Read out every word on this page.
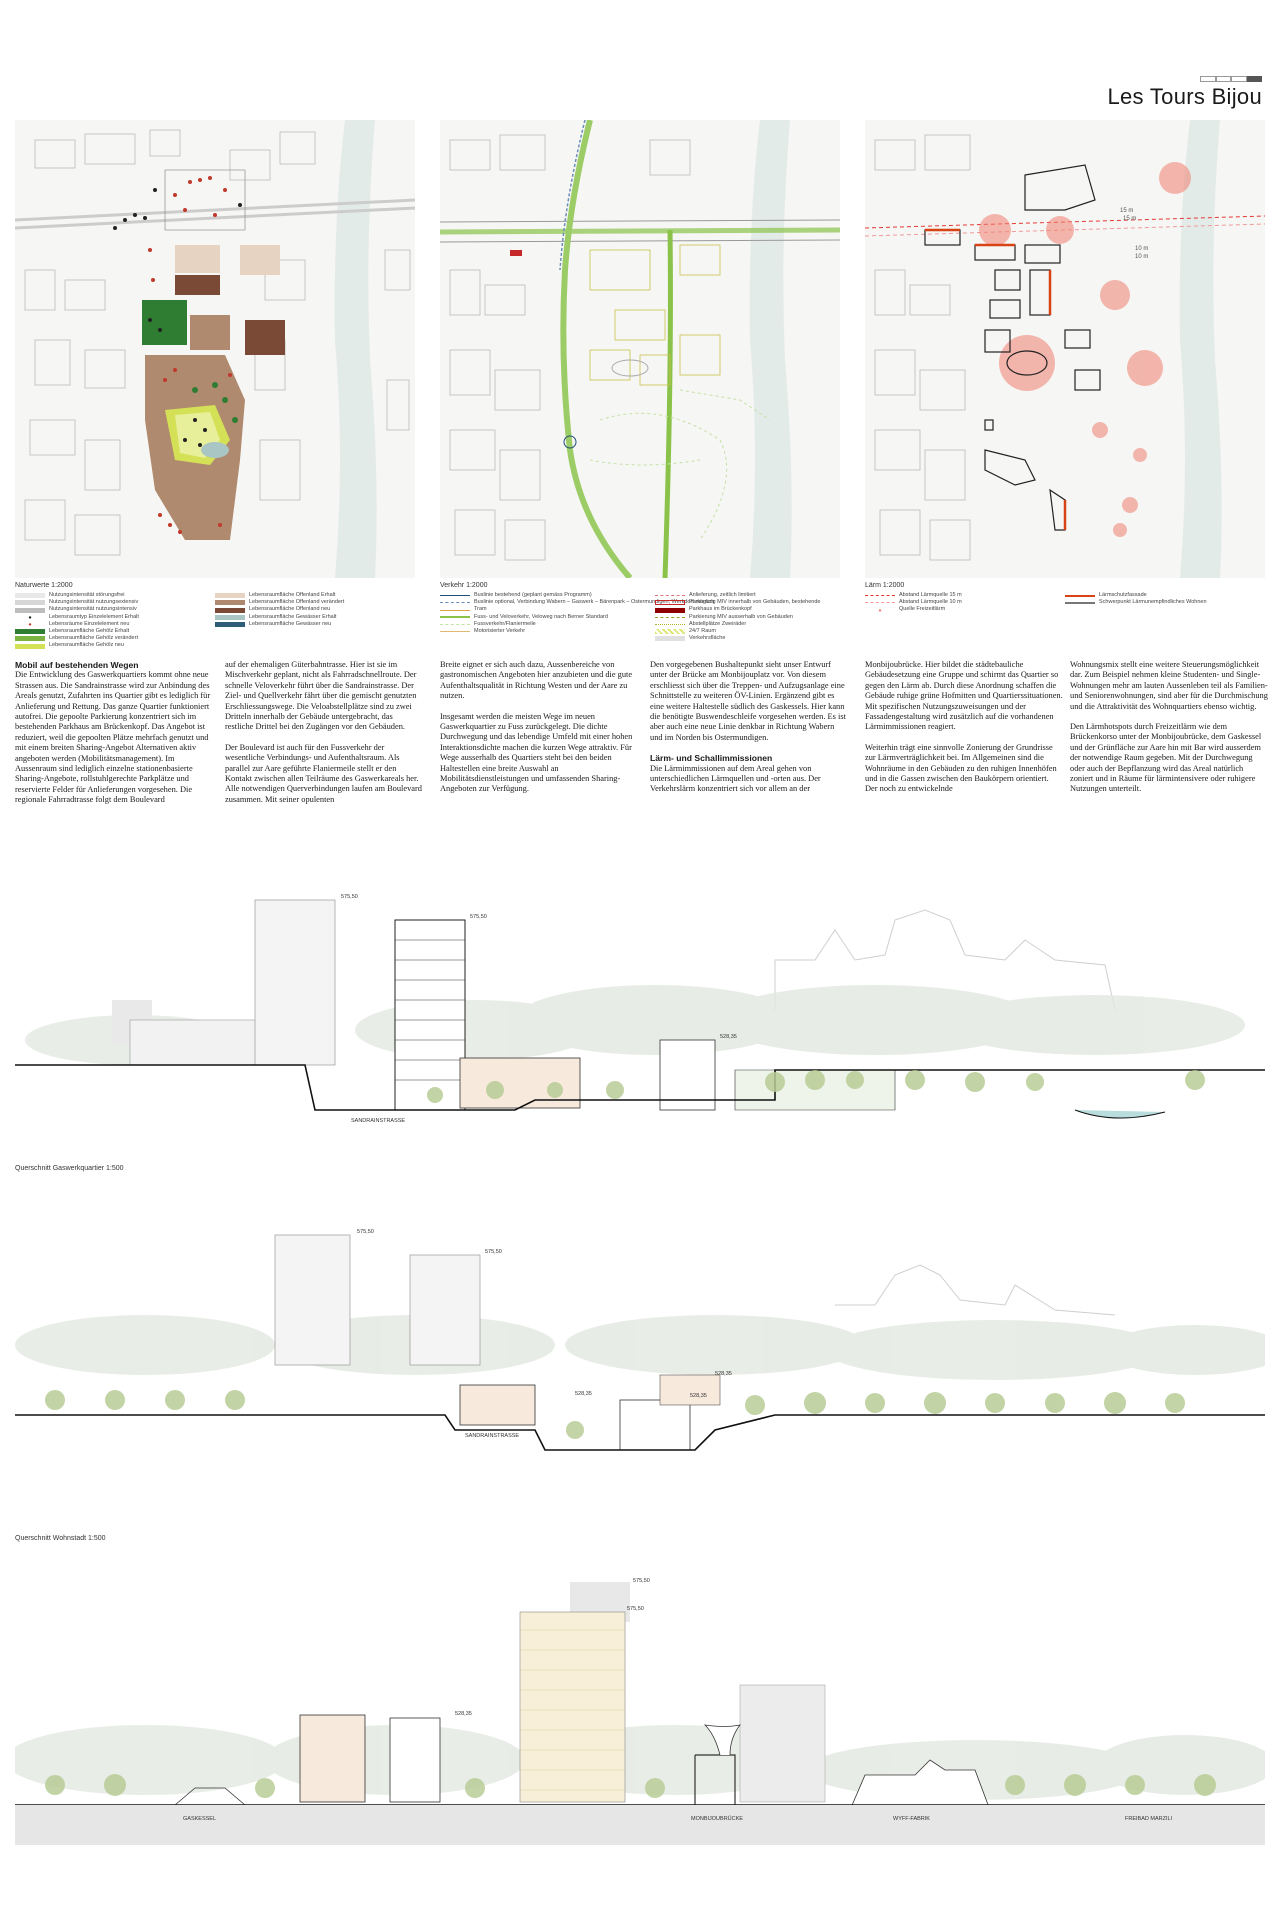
Les Tours Bijou
Naturwerte 1:2000
Nutzungsintensität störungsfrei
Nutzungsintensität nutzungsextensiv
Nutzungsintensität nutzungsintensiv
●	Lebensraumtyp Einzelelement Erhalt
●	Lebensräume Einzelelement neu
Lebensraumfläche Gehölz Erhalt
Lebensraumfläche Gehölz verändert
Lebensraumfläche Gehölz neu
Lebensraumfläche Offenland Erhalt
Lebensraumfläche Offenland verändert
Lebensraumfläche Offenland neu
Lebensraumfläche Gewässer Erhalt
Lebensraumfläche Gewässer neu
Verkehr 1:2000
Buslinie bestehend (geplant gemäss Programm)
Buslinie optional, Verbindung Wabern – Gaswerk – Bärenpark – Ostermundigen, Werkdorf möglich
Tram
Fuss- und Veloverkehr, Veloweg nach Berner Standard
Fussverkehr/Flaniermeile
Motorisierter Verkehr
Anlieferung, zeitlich limitiert
Parkierung MIV innerhalb von Gebäuden, bestehende
Parkhaus im Brückenkopf
Parkierung MIV ausserhalb von Gebäuden
Abstellplätze Zweiräder
24/7 Raum
Verkehrsfläche
15 m
10 m
10 m
15 m
Lärm 1:2000
Abstand Lärmquelle 15 m
Abstand Lärmquelle 10 m
●	Quelle Freizeitlärm
Lärmschutzfassade
Schwerpunkt Lärmunempfindliches Wohnen
Mobil auf bestehenden Wegen

Die Entwicklung des Gaswerkquartiers kommt ohne neue Strassen aus. Die Sandrainstrasse wird zur Anbindung des Areals genutzt, Zufahrten ins Quartier gibt es lediglich für Anlieferung und Rettung. Das ganze Quartier funktioniert autofrei. Die gepoolte Parkierung konzentriert sich im bestehenden Parkhaus am Brückenkopf. Das Angebot ist reduziert, weil die gepoolten Plätze mehrfach genutzt und mit einem breiten Sharing-Angebot Alternativen aktiv angeboten werden (Mobilitätsmanagement). Im Aussenraum sind lediglich einzelne stationenbasierte Sharing-Angebote, rollstuhlgerechte Parkplätze und reservierte Felder für Anlieferungen vorgesehen. Die regionale Fahrradtrasse folgt dem Boulevard

auf der ehemaligen Güterbahntrasse. Hier ist sie im Mischverkehr geplant, nicht als Fahrradschnellroute. Der schnelle Veloverkehr führt über die Sandrainstrasse. Der Ziel- und Quellverkehr fährt über die gemischt genutzten Erschliessungswege. Die Veloabstellplätze sind zu zwei Dritteln innerhalb der Gebäude untergebracht, das restliche Drittel bei den Zugängen vor den Gebäuden.

Der Boulevard ist auch für den Fussverkehr der wesentliche Verbindungs- und Aufenthaltsraum. Als parallel zur Aare geführte Flaniermeile stellt er den Kontakt zwischen allen Teilräume des Gaswerkareals her. Alle notwendigen Querverbindungen laufen am Boulevard zusammen. Mit seiner opulenten

Breite eignet er sich auch dazu, Aussenbereiche von gastronomischen Angeboten hier anzubieten und die gute Aufenthaltsqualität in Richtung Westen und der Aare zu nutzen.

Insgesamt werden die meisten Wege im neuen Gaswerkquartier zu Fuss zurückgelegt. Die dichte Durchwegung und das lebendige Umfeld mit einer hohen Interaktionsdichte machen die kurzen Wege attraktiv. Für Wege ausserhalb des Quartiers steht bei den beiden Haltestellen eine breite Auswahl an Mobilitätsdienstleistungen und umfassenden Sharing-Angeboten zur Verfügung.

Den vorgegebenen Bushaltepunkt sieht unser Entwurf unter der Brücke am Monbijouplatz vor. Von diesem erschliesst sich über die Treppen- und Aufzugsanlage eine Schnittstelle zu weiteren ÖV-Linien. Ergänzend gibt es eine weitere Haltestelle südlich des Gaskessels. Hier kann die benötigte Buswendeschleife vorgesehen werden. Es ist aber auch eine neue Linie denkbar in Richtung Wabern und im Norden bis Ostermundigen.

Lärm- und Schallimmissionen

Die Lärmimmissionen auf dem Areal gehen von unterschiedlichen Lärmquellen und -orten aus. Der Verkehrslärm konzentriert sich vor allem an der

Monbijoubrücke. Hier bildet die städtebauliche Gebäudesetzung eine Gruppe und schirmt das Quartier so gegen den Lärm ab. Durch diese Anordnung schaffen die Gebäude ruhige grüne Hofmitten und Quartierssituationen. Mit spezifischen Nutzungszuweisungen und der Fassadengestaltung wird zusätzlich auf die vorhandenen Lärmimmissionen reagiert.

Weiterhin trägt eine sinnvolle Zonierung der Grundrisse zur Lärmverträglichkeit bei. Im Allgemeinen sind die Wohnräume in den Gebäuden zu den ruhigen Innenhöfen und in die Gassen zwischen den Baukörpern orientiert. Der noch zu entwickelnde

Wohnungsmix stellt eine weitere Steuerungsmöglichkeit dar. Zum Beispiel nehmen kleine Studenten- und Single-Wohnungen mehr am lauten Aussenleben teil als Familien- und Seniorenwohnungen, sind aber für die Durchmischung und die Attraktivität des Wohnquartiers ebenso wichtig.

Den Lärmhotspots durch Freizeitlärm wie dem Brückenkorso unter der Monbijoubrücke, dem Gaskessel und der Grünfläche zur Aare hin mit Bar wird ausserdem der notwendige Raum gegeben. Mit der Durchwegung oder auch der Bepflanzung wird das Areal natürlich zoniert und in Räume für lärmintensivere oder ruhigere Nutzungen unterteilt.

575,50
575,50
528,35
SANDRAINSTRASSE
Querschnitt Gaswerkquartier 1:500
575,50
575,50
528,35
528,35
528,35
SANDRAINSTRASSE
Querschnitt Wohnstadt 1:500
575,50
575,50
528,35
GASKESSEL	MONBIJOUBRÜCKE	WYFF-FABRIK	FREIBAD MARZILI
